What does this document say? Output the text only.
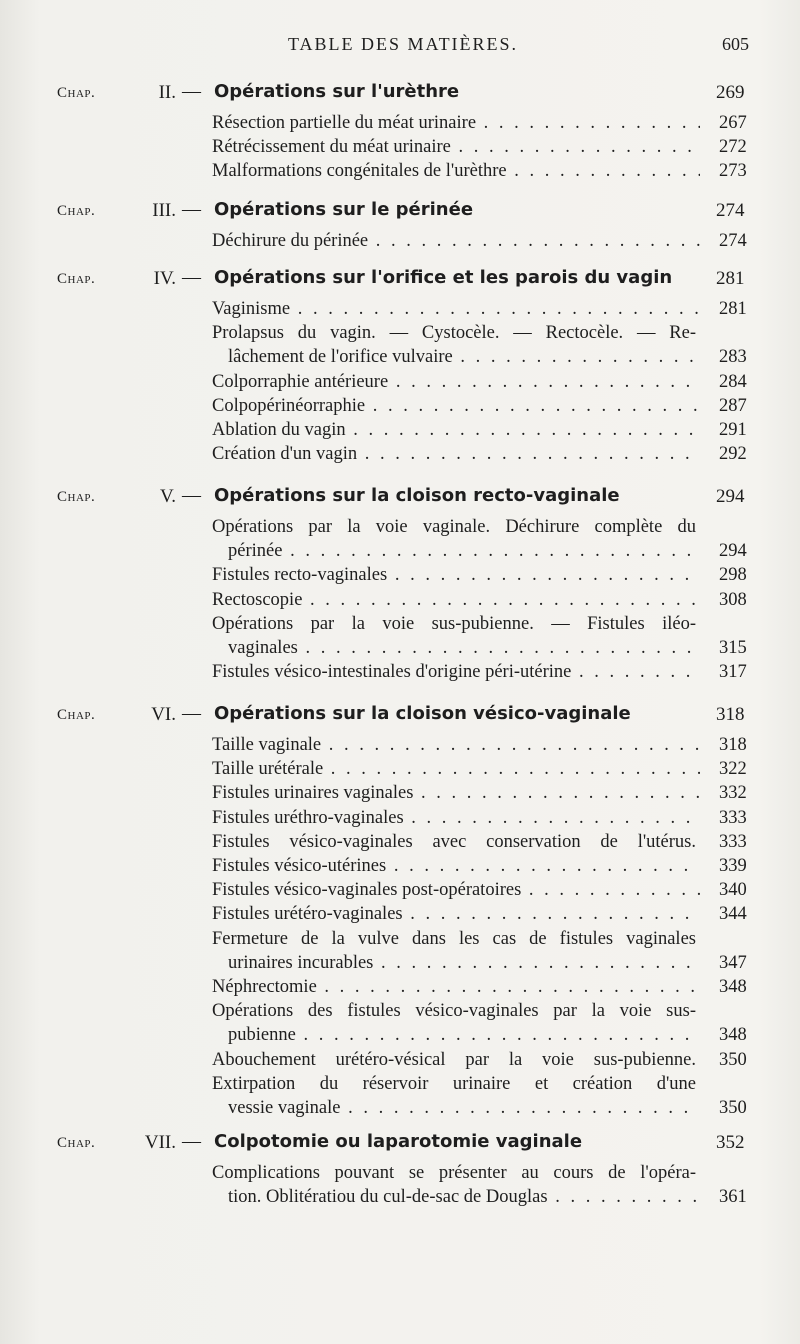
TABLE DES MATIÈRES.	605
Chap.	II. — Opérations sur l'urèthre	269
Résection partielle du méat urinaire . . .	267
Rétrécissement du méat urinaire . . .	272
Malformations congénitales de l'urèthre . . .	273
Chap.	III. — Opérations sur le périnée	274
Déchirure du périnée . . .	274
Chap.	IV. — Opérations sur l'orifice et les parois du vagin	281
Vaginisme . . .	281
Prolapsus du vagin. — Cystocèle. — Rectocèle. — Re-
lâchement de l'orifice vulvaire . . .	283
Colporraphie antérieure . . .	284
Colpopérinéorraphie . . .	287
Ablation du vagin . . .	291
Création d'un vagin . . .	292
Chap.	V. — Opérations sur la cloison recto-vaginale	294
Opérations par la voie vaginale. Déchirure complète du
périnée . . .	294
Fistules recto-vaginales . . .	298
Rectoscopie . . .	308
Opérations par la voie sus-pubienne. — Fistules iléo-
vaginales . . .	315
Fistules vésico-intestinales d'origine péri-utérine . . .	317
Chap.	VI. — Opérations sur la cloison vésico-vaginale	318
Taille vaginale . . .	318
Taille urétérale . . .	322
Fistules urinaires vaginales . . .	332
Fistules uréthro-vaginales . . .	333
Fistules vésico-vaginales avec conservation de l'utérus. 333
Fistules vésico-utérines . . .	339
Fistules vésico-vaginales post-opératoires . . .	340
Fistules urétéro-vaginales . . .	344
Fermeture de la vulve dans les cas de fistules vaginales
urinaires incurables . . .	347
Néphrectomie . . .	348
Opérations des fistules vésico-vaginales par la voie sus-
pubienne . . .	348
Abouchement urétéro-vésical par la voie sus-pubienne. 350
Extirpation du réservoir urinaire et création d'une
vessie vaginale . . .	350
Chap.	VII. — Colpotomie ou laparotomie vaginale	352
Complications pouvant se présenter au cours de l'opéra-
tion. Oblitératiou du cul-de-sac de Douglas . . .	361
